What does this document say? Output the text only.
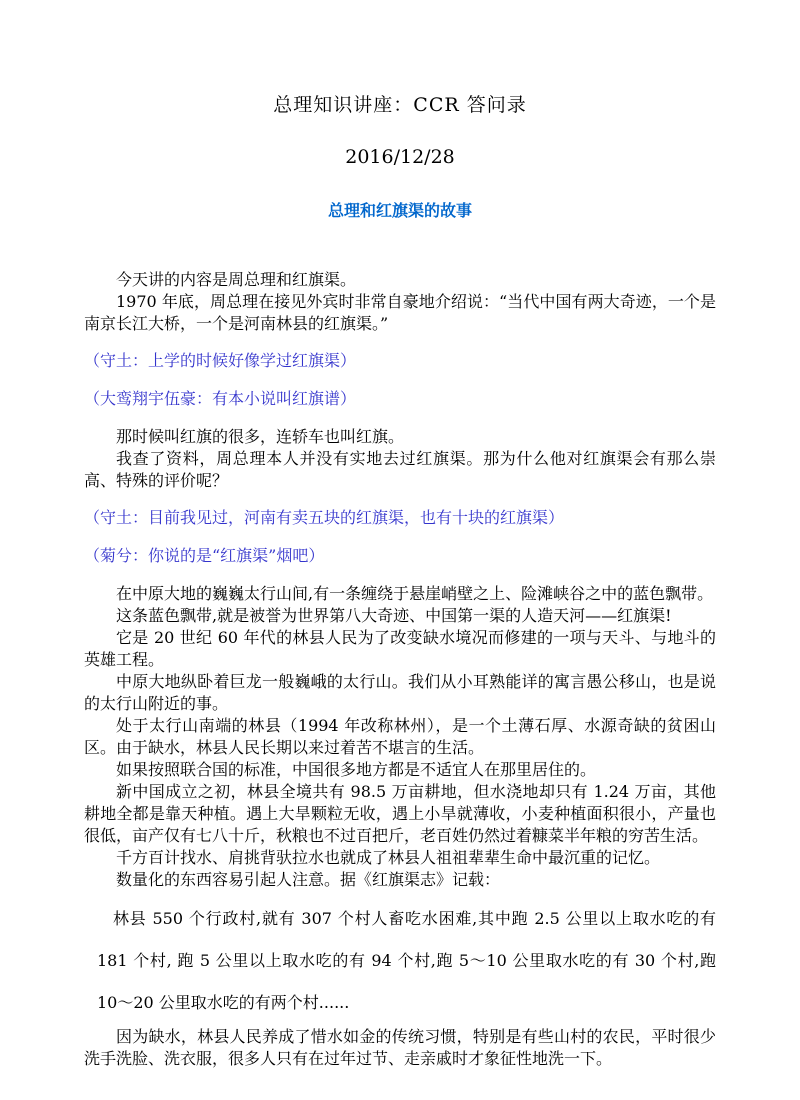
总理知识讲座：CCR 答问录
2016/12/28
总理和红旗渠的故事

今天讲的内容是周总理和红旗渠。

1970 年底，周总理在接见外宾时非常自豪地介绍说：“当代中国有两大奇迹，一个是南京长江大桥，一个是河南林县的红旗渠。”

（守土：上学的时候好像学过红旗渠）

（大鸾翔宇伍豪：有本小说叫红旗谱）

那时候叫红旗的很多，连轿车也叫红旗。

我查了资料，周总理本人并没有实地去过红旗渠。那为什么他对红旗渠会有那么崇高、特殊的评价呢？

（守土：目前我见过，河南有卖五块的红旗渠，也有十块的红旗渠）

（菊兮：你说的是“红旗渠”烟吧）

在中原大地的巍巍太行山间,有一条缠绕于悬崖峭壁之上、险滩峡谷之中的蓝色飘带。

这条蓝色飘带,就是被誉为世界第八大奇迹、中国第一渠的人造天河——红旗渠!

它是 20 世纪 60 年代的林县人民为了改变缺水境况而修建的一项与天斗、与地斗的英雄工程。

中原大地纵卧着巨龙一般巍峨的太行山。我们从小耳熟能详的寓言愚公移山，也是说的太行山附近的事。

处于太行山南端的林县（1994 年改称林州），是一个土薄石厚、水源奇缺的贫困山区。由于缺水，林县人民长期以来过着苦不堪言的生活。

如果按照联合国的标准，中国很多地方都是不适宜人在那里居住的。

新中国成立之初，林县全境共有 98.5 万亩耕地，但水浇地却只有 1.24 万亩，其他耕地全都是靠天种植。遇上大旱颗粒无收，遇上小旱就薄收，小麦种植面积很小，产量也很低，亩产仅有七八十斤，秋粮也不过百把斤，老百姓仍然过着糠菜半年粮的穷苦生活。

千方百计找水、肩挑背驮拉水也就成了林县人祖祖辈辈生命中最沉重的记忆。

数量化的东西容易引起人注意。据《红旗渠志》记载：

林县 550 个行政村,就有 307 个村人畜吃水困难,其中跑 2.5 公里以上取水吃的有 181 个村, 跑 5 公里以上取水吃的有 94 个村,跑 5～10 公里取水吃的有 30 个村,跑 10～20 公里取水吃的有两个村......

因为缺水，林县人民养成了惜水如金的传统习惯，特别是有些山村的农民，平时很少洗手洗脸、洗衣服，很多人只有在过年过节、走亲戚时才象征性地洗一下。
